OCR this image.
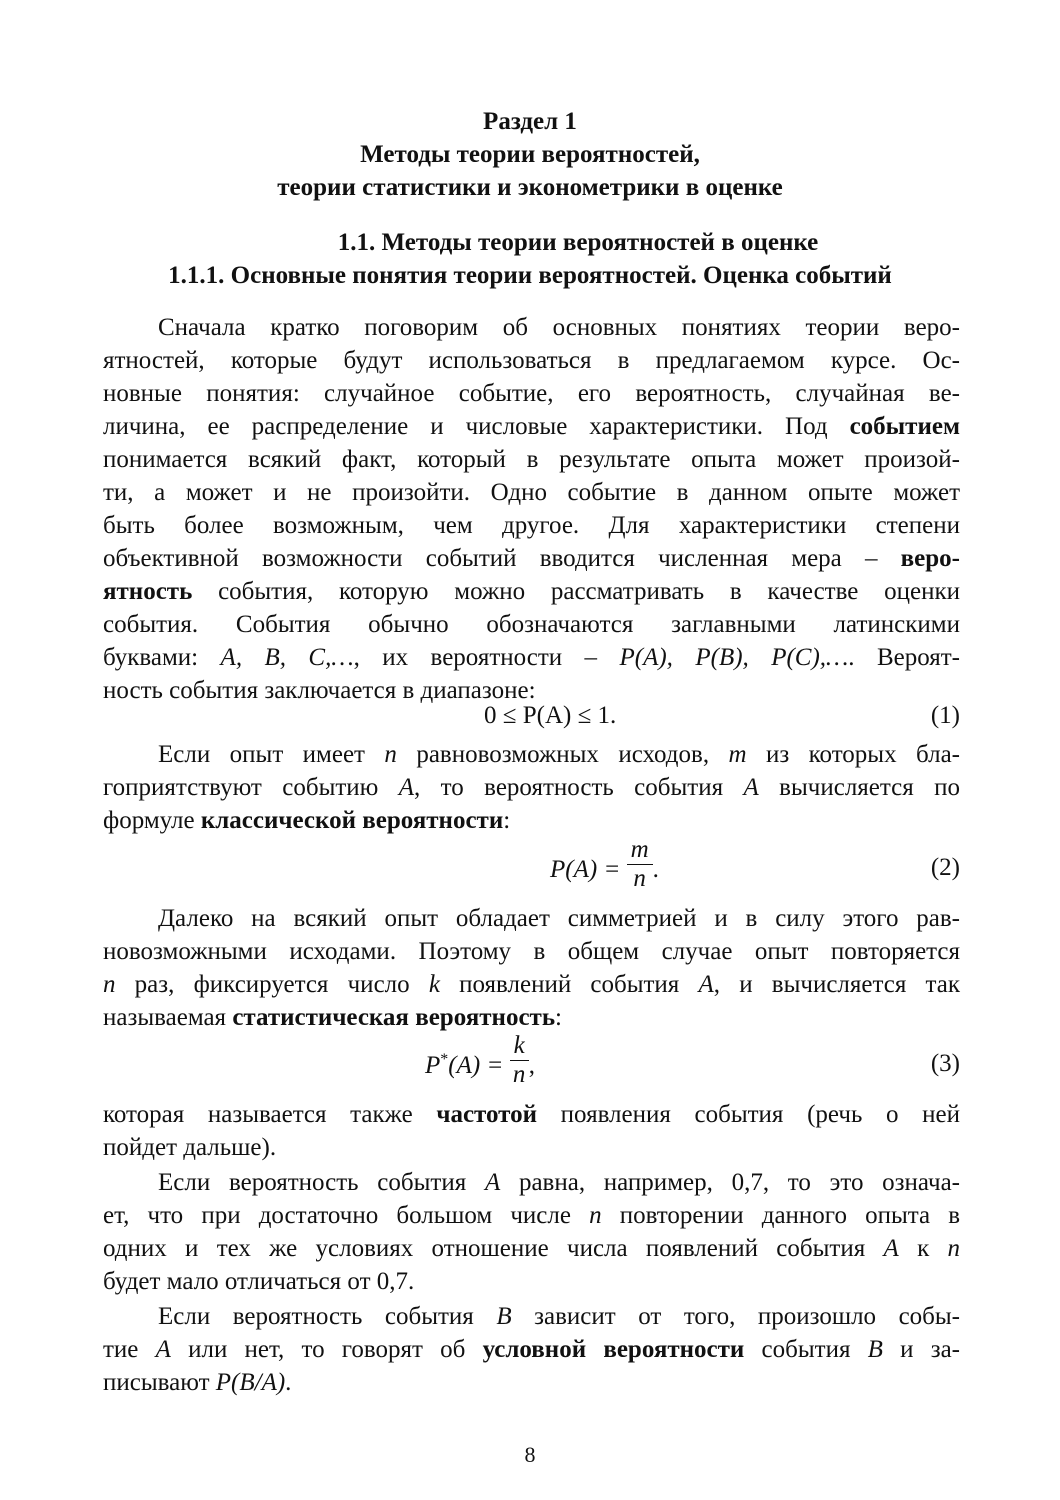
Раздел 1
Методы теории вероятностей,
теории статистики и эконометрики в оценке
1.1. Методы теории вероятностей в оценке
1.1.1. Основные понятия теории вероятностей. Оценка событий
Сначала кратко поговорим об основных понятиях теории веро-
ятностей, которые будут использоваться в предлагаемом курсе. Ос-
новные понятия: случайное событие, его вероятность, случайная ве-
личина, ее распределение и числовые характеристики. Под событием
понимается всякий факт, который в результате опыта может произой-
ти, а может и не произойти. Одно событие в данном опыте может
быть более возможным, чем другое. Для характеристики степени
объективной возможности событий вводится численная мера – веро-
ятность события, которую можно рассматривать в качестве оценки
события. События обычно обозначаются заглавными латинскими
буквами: A, B, C,…, их вероятности – P(A), P(B), P(C),…. Вероят-
ность события заключается в диапазоне:
0 ≤ P(A) ≤ 1.	(1)
Если опыт имеет n равновозможных исходов, m из которых бла-
гоприятствуют событию A, то вероятность события A вычисляется по
формуле классической вероятности:
$P(A) = \frac{m}{n}$ .	(2)
Далеко на всякий опыт обладает симметрией и в силу этого рав-
новозможными исходами. Поэтому в общем случае опыт повторяется
n раз, фиксируется число k появлений события A, и вычисляется так
называемая статистическая вероятность:
$P^*(A) = \frac{k}{n}$ ,	(3)
которая называется также частотой появления события (речь о ней
пойдет дальше).
Если вероятность события A равна, например, 0,7, то это означа-
ет, что при достаточно большом числе n повторении данного опыта в
одних и тех же условиях отношение числа появлений события A к n
будет мало отличаться от 0,7.
Если вероятность события B зависит от того, произошло собы-
тие A или нет, то говорят об условной вероятности события B и за-
писывают P(B/A).
8
